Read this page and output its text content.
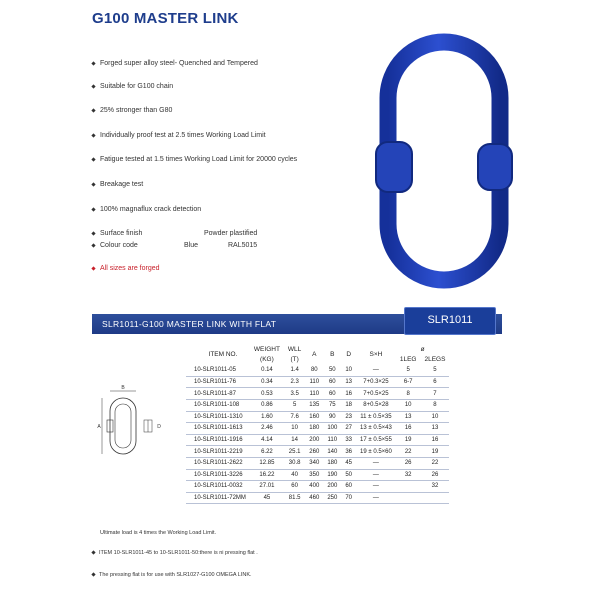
G100 MASTER LINK
Forged super alloy steel- Quenched and Tempered
Suitable for G100 chain
25% stronger than G80
Individually proof test at 2.5 times Working Load Limit
Fatigue tested at 1.5 times Working Load Limit for 20000 cycles
Breakage test
100% magnaflux crack detection
Surface finish	Powder plastified
Colour code	Blue	RAL5015
All sizes are forged
SLR1011-G100 MASTER LINK WITH FLAT	SLR1011
B
A	D
ITEM NO.	WEIGHT	WLL	A	B	D	S×H	ø	
	(KG)	(T)					1LEG	2LEGS
10-SLR1011-05	0.14	1.4	80	50	10	—	5	5
10-SLR1011-76	0.34	2.3	110	60	13	7+0.3×25	6-7	6
10-SLR1011-87	0.53	3.5	110	60	16	7+0.5×25	8	7
10-SLR1011-108	0.86	5	135	75	18	8+0.5×28	10	8
10-SLR1011-1310	1.60	7.6	160	90	23	11 ± 0.5×35	13	10
10-SLR1011-1613	2.46	10	180	100	27	13 ± 0.5×43	16	13
10-SLR1011-1916	4.14	14	200	110	33	17 ± 0.5×55	19	16
10-SLR1011-2219	6.22	25.1	260	140	36	19 ± 0.5×60	22	19
10-SLR1011-2622	12.85	30.8	340	180	45	—	26	22
10-SLR1011-3226	16.22	40	350	190	50	—	32	26
10-SLR1011-0032	27.01	60	400	200	60	—		32
10-SLR1011-72MM	45	81.5	460	250	70	—		
Ultimate load is 4 times the Working Load Limit.
ITEM 10-SLR1011-45 to 10-SLR1011-50:there is ni pressing flat .
The pressing flat is for use with SLR1027-G100 OMEGA LINK.
